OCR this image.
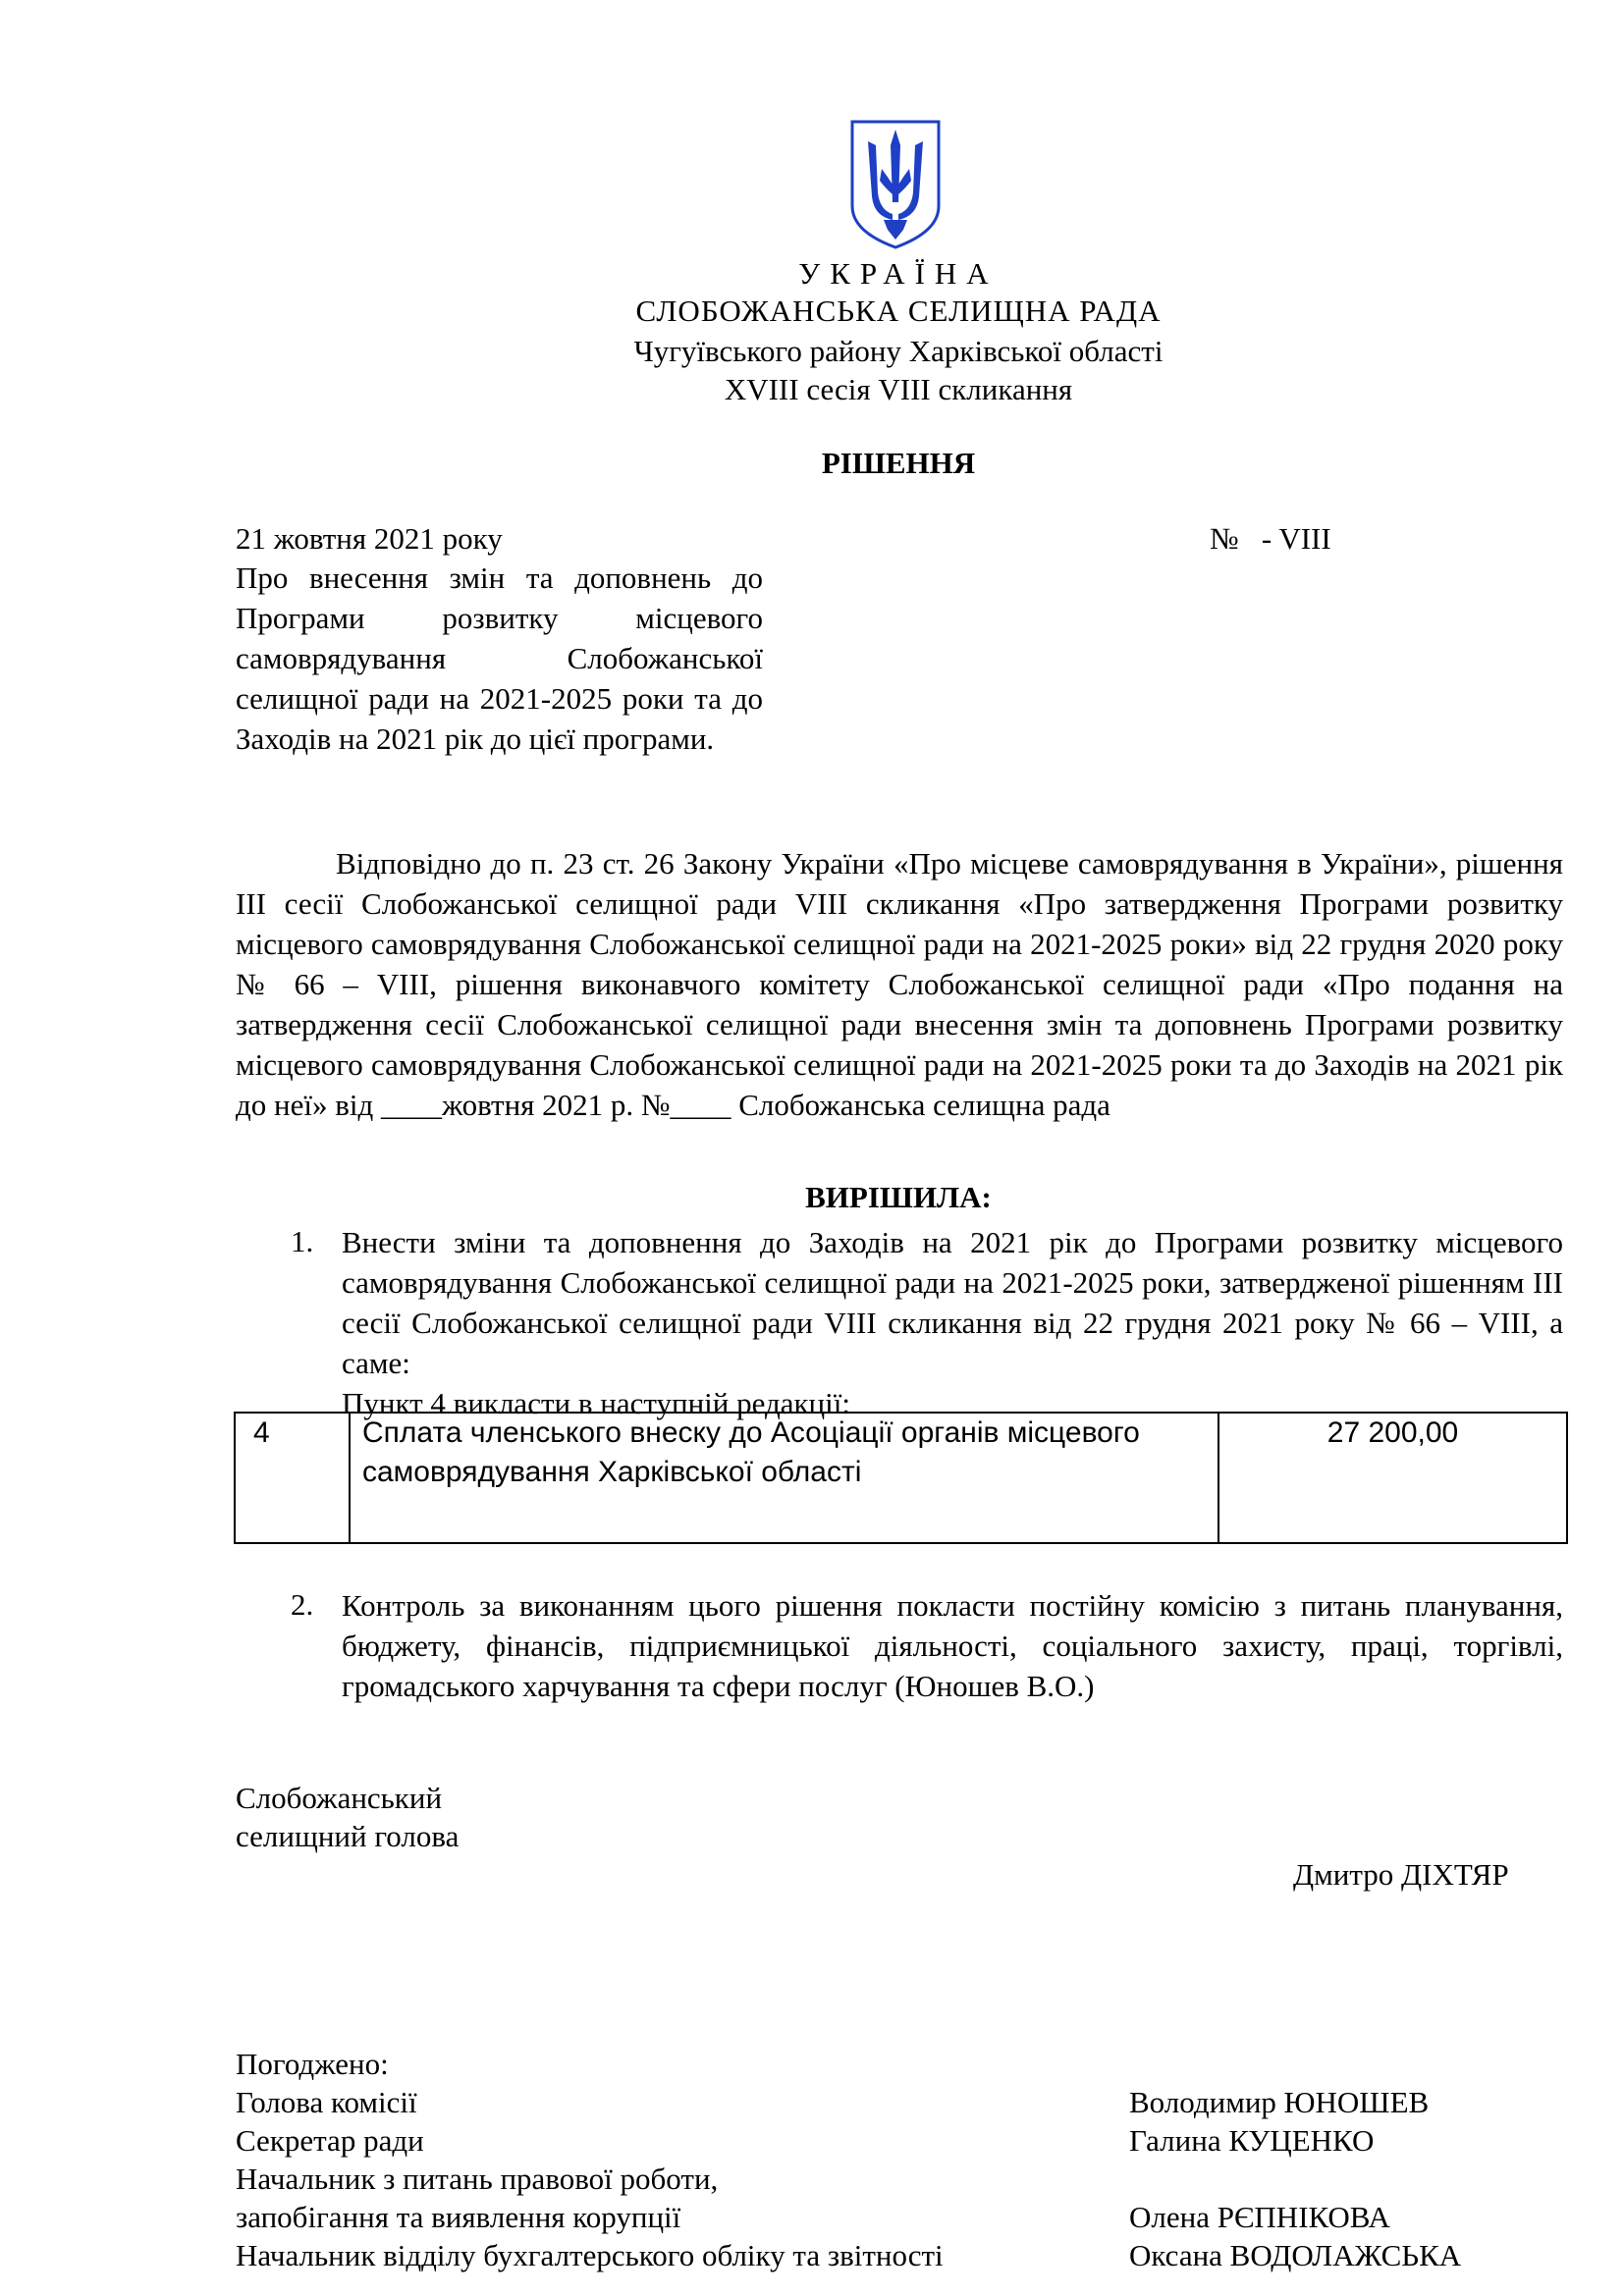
УКРАЇНА
СЛОБОЖАНСЬКА СЕЛИЩНА РАДА
Чугуївського району Харківської області
XVIII сесія VIII скликання
РІШЕННЯ
21 жовтня 2021 року	№   - VIII
Про внесення змін та доповнень до Програми розвитку місцевого самоврядування Слобожанської селищної ради на 2021-2025 роки та до Заходів на 2021 рік до цієї програми.
Відповідно до п. 23 ст. 26 Закону України «Про місцеве самоврядування в України», рішення III сесії Слобожанської селищної ради VIII скликання «Про затвердження Програми розвитку місцевого самоврядування Слобожанської селищної ради на 2021-2025 роки» від 22 грудня 2020 року № 66 – VIII, рішення виконавчого комітету Слобожанської селищної ради «Про подання на затвердження сесії Слобожанської селищної ради внесення змін та доповнень Програми розвитку місцевого самоврядування Слобожанської селищної ради на 2021-2025 роки та до Заходів на 2021 рік до неї» від ____жовтня 2021 р. №____ Слобожанська селищна рада
ВИРІШИЛА:
1. Внести зміни та доповнення до Заходів на 2021 рік до Програми розвитку місцевого самоврядування Слобожанської селищної ради на 2021-2025 роки, затвердженої рішенням III сесії Слобожанської селищної ради VIII скликання від 22 грудня 2021 року № 66 – VIII, а саме:
Пункт 4 викласти в наступній редакції:
4	Сплата членського внеску до Асоціації органів місцевого самоврядування Харківської області	27 200,00
2. Контроль за виконанням цього рішення покласти постійну комісію з питань планування, бюджету, фінансів, підприємницької діяльності, соціального захисту, праці, торгівлі, громадського харчування та сфери послуг (Юношев В.О.)
Слобожанський
селищний голова
Дмитро ДІХТЯР
Погоджено:
Голова комісії	Володимир ЮНОШЕВ
Секретар ради	Галина КУЦЕНКО
Начальник з питань правової роботи,
запобігання та виявлення корупції	Олена РЄПНІКОВА
Начальник відділу бухгалтерського обліку та звітності	Оксана ВОДОЛАЖСЬКА
